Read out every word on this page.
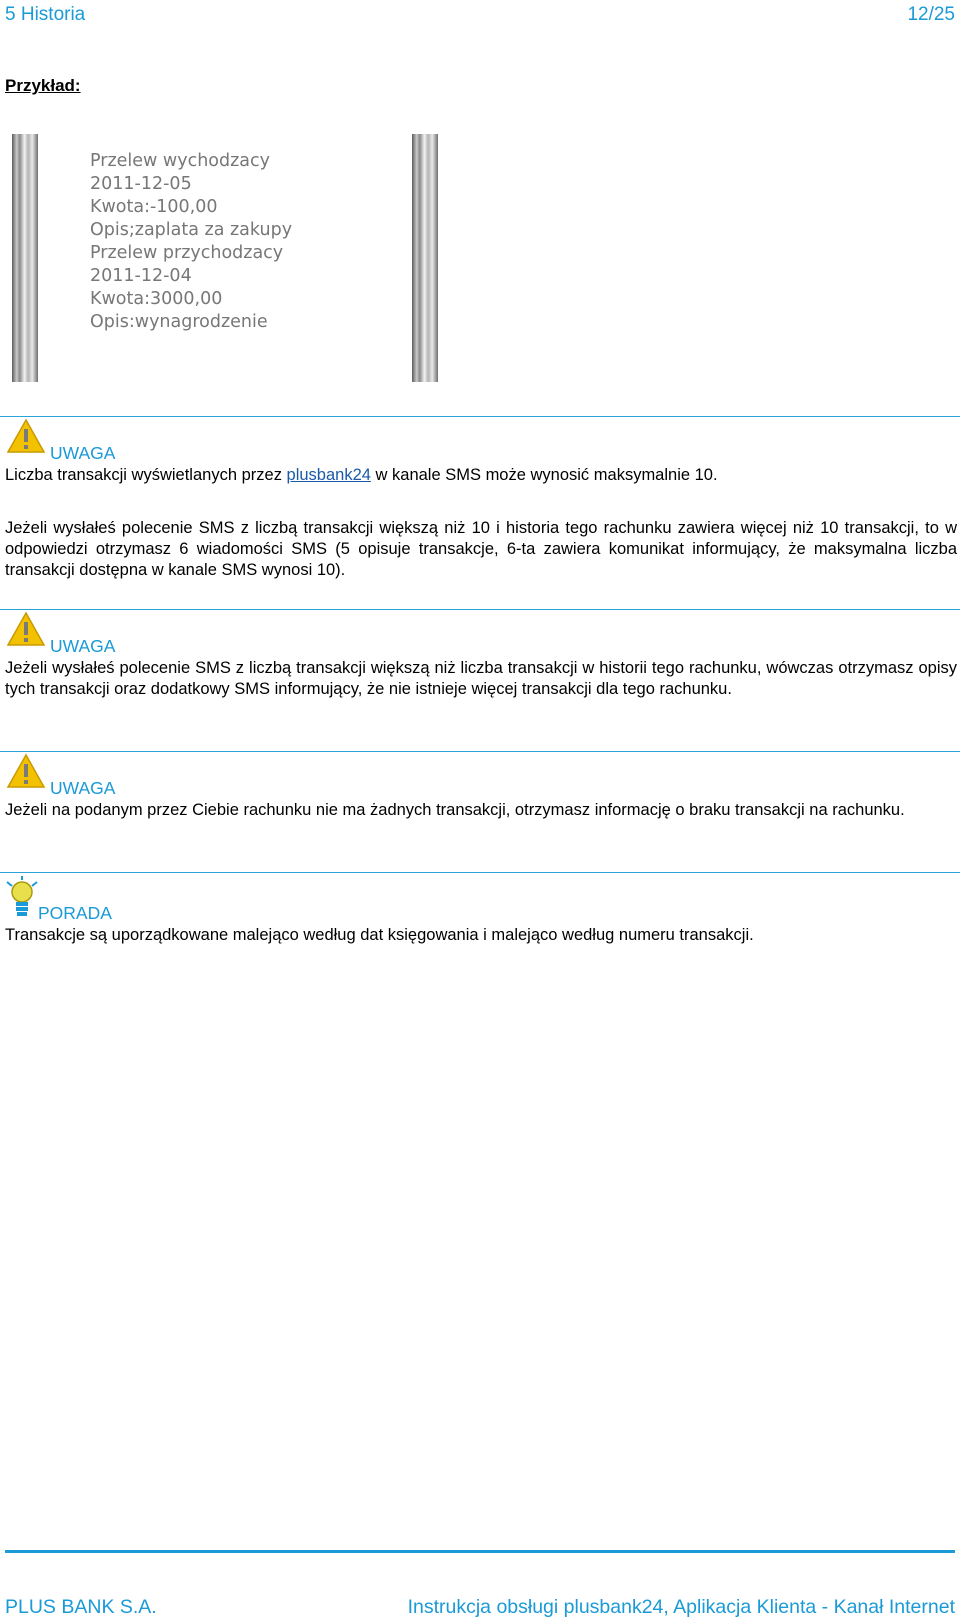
5 Historia	12/25
Przykład:
Przelew wychodzacy
2011-12-05
Kwota:-100,00
Opis;zaplata za zakupy
Przelew przychodzacy
2011-12-04
Kwota:3000,00
Opis:wynagrodzenie
UWAGA
Liczba transakcji wyświetlanych przez plusbank24 w kanale SMS może wynosić maksymalnie 10.
Jeżeli wysłałeś polecenie SMS z liczbą transakcji większą niż 10 i historia tego rachunku zawiera więcej niż 10 transakcji, to w odpowiedzi otrzymasz 6 wiadomości SMS (5 opisuje transakcje, 6-ta zawiera komunikat informujący, że maksymalna liczba transakcji dostępna w kanale SMS wynosi 10).
UWAGA
Jeżeli wysłałeś polecenie SMS z liczbą transakcji większą niż liczba transakcji w historii tego rachunku, wówczas otrzymasz opisy tych transakcji oraz dodatkowy SMS informujący, że nie istnieje więcej transakcji dla tego rachunku.
UWAGA
Jeżeli na podanym przez Ciebie rachunku nie ma żadnych transakcji, otrzymasz informację o braku transakcji na rachunku.
PORADA
Transakcje są uporządkowane malejąco według dat księgowania i malejąco według numeru transakcji.
PLUS BANK S.A.	Instrukcja obsługi plusbank24, Aplikacja Klienta - Kanał Internet
